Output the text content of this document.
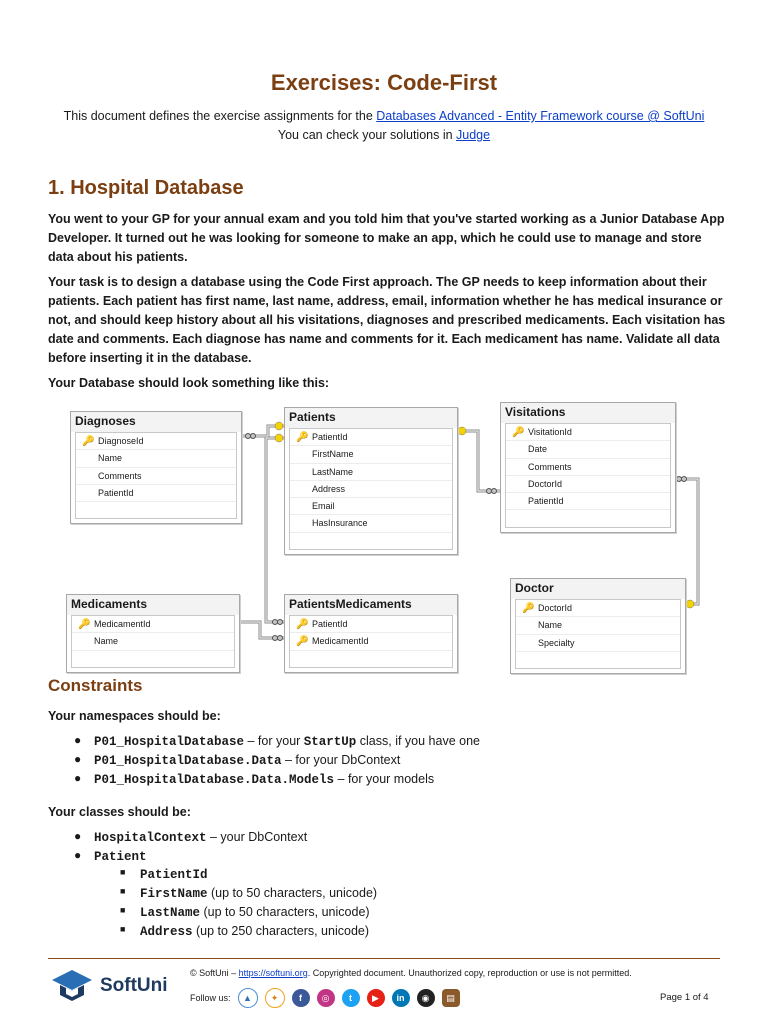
Exercises: Code-First
This document defines the exercise assignments for the Databases Advanced - Entity Framework course @ SoftUni
You can check your solutions in Judge
1. Hospital Database

You went to your GP for your annual exam and you told him that you've started working as a Junior Database App Developer. It turned out he was looking for someone to make an app, which he could use to manage and store data about his patients.

Your task is to design a database using the Code First approach. The GP needs to keep information about their patients. Each patient has first name, last name, address, email, information whether he has medical insurance or not, and should keep history about all his visitations, diagnoses and prescribed medicaments. Each visitation has date and comments. Each diagnose has name and comments for it. Each medicament has name. Validate all data before inserting it in the database.

Your Database should look something like this:

Diagnoses
🔑 DiagnoseId
Name
Comments
PatientId
Patients
🔑 PatientId
FirstName
LastName
Address
Email
HasInsurance
Visitations
🔑 VisitationId
Date
Comments
DoctorId
PatientId
Medicaments
🔑 MedicamentId
Name
PatientsMedicaments
🔑 PatientId
🔑 MedicamentId
Doctor
🔑 DoctorId
Name
Specialty
Constraints
Your namespaces should be:
● P01_HospitalDatabase – for your StartUp class, if you have one
● P01_HospitalDatabase.Data – for your DbContext
● P01_HospitalDatabase.Data.Models – for your models
Your classes should be:
● HospitalContext – your DbContext
● Patient
■ PatientId
■ FirstName (up to 50 characters, unicode)
■ LastName (up to 50 characters, unicode)
■ Address (up to 250 characters, unicode)
SoftUni
© SoftUni – https://softuni.org. Copyrighted document. Unauthorized copy, reproduction or use is not permitted.
Follow us:	▲	✦	f	◎	t	▶	in	◉	▤	Page 1 of 4
